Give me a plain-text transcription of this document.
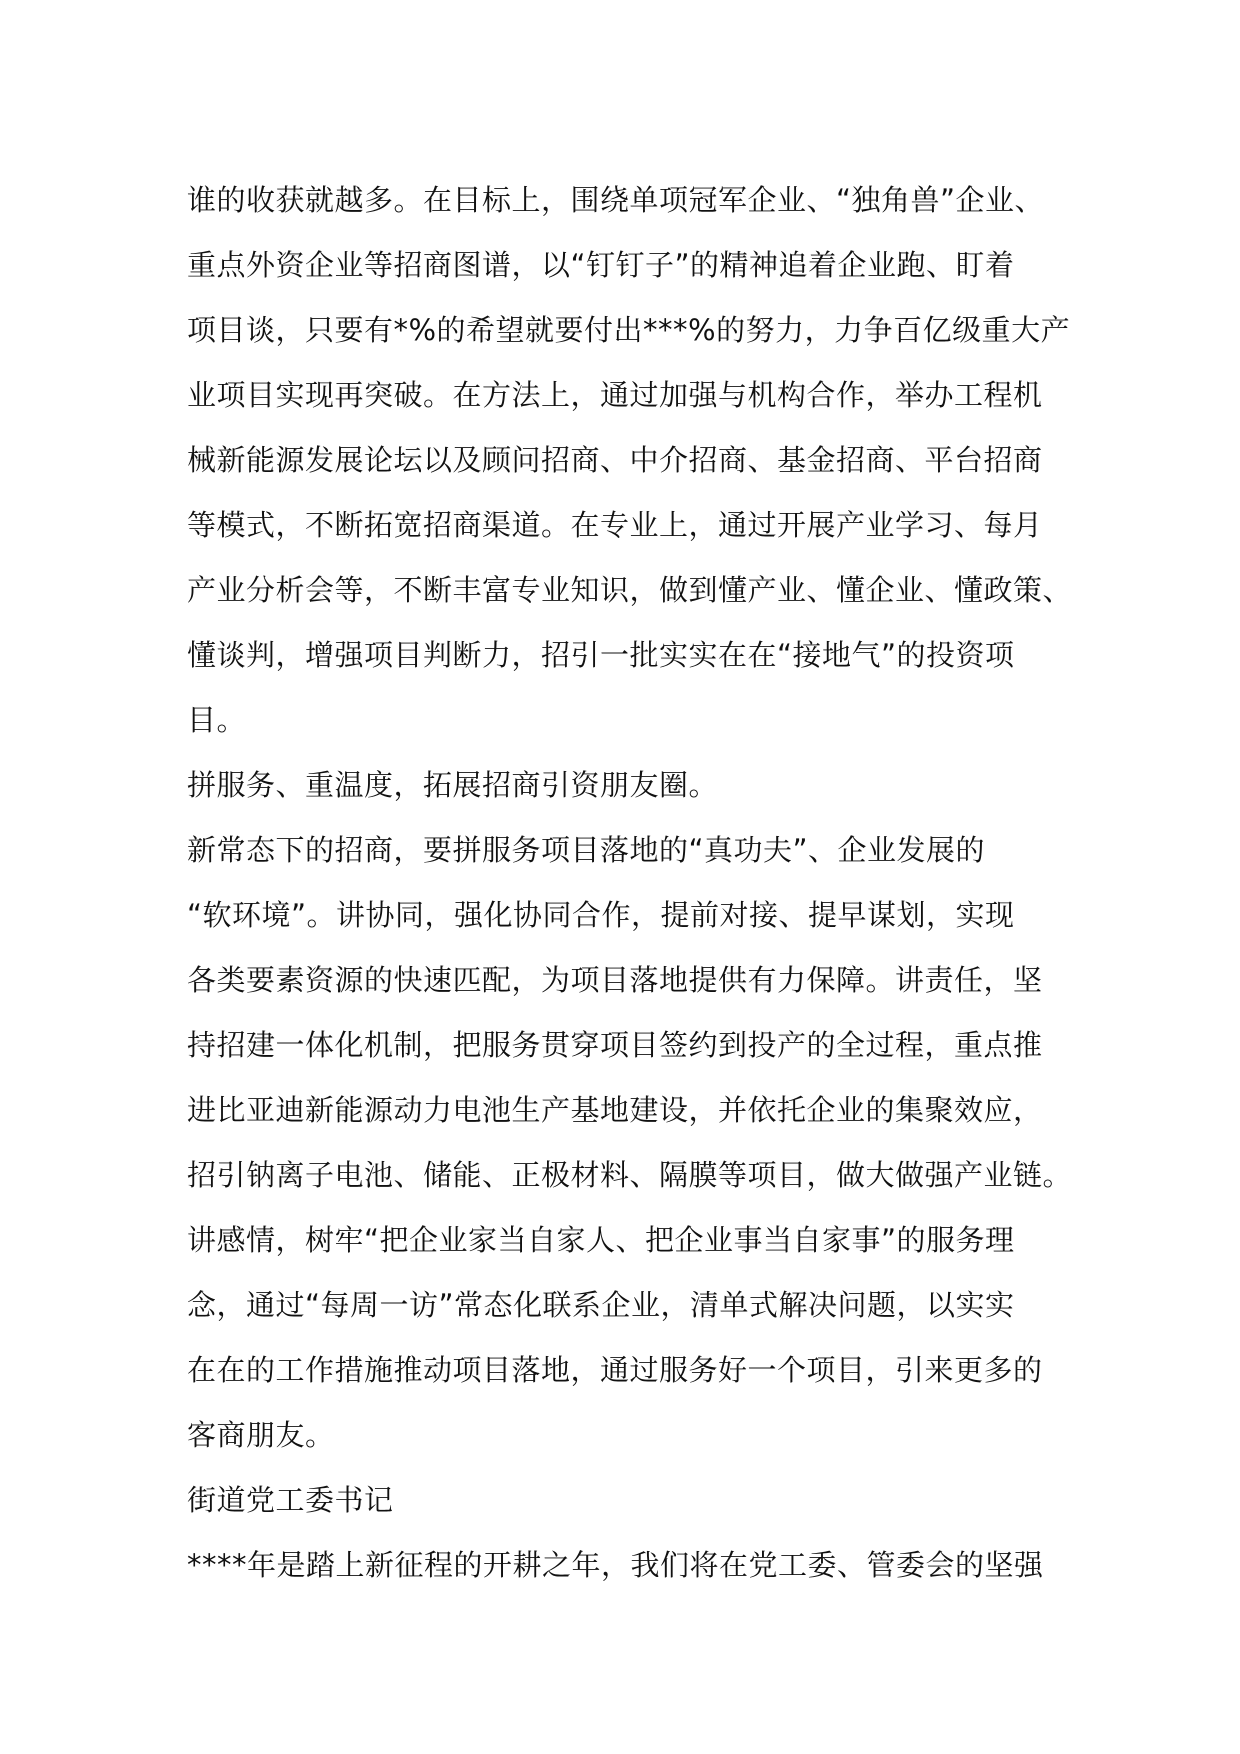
谁的收获就越多。在目标上，围绕单项冠军企业、“独角兽”企业、
重点外资企业等招商图谱，以“钉钉子”的精神追着企业跑、盯着
项目谈，只要有*%的希望就要付出***%的努力，力争百亿级重大产
业项目实现再突破。在方法上，通过加强与机构合作，举办工程机
械新能源发展论坛以及顾问招商、中介招商、基金招商、平台招商
等模式，不断拓宽招商渠道。在专业上，通过开展产业学习、每月
产业分析会等，不断丰富专业知识，做到懂产业、懂企业、懂政策、
懂谈判，增强项目判断力，招引一批实实在在“接地气”的投资项
目。
拼服务、重温度，拓展招商引资朋友圈。
新常态下的招商，要拼服务项目落地的“真功夫”、企业发展的
“软环境”。讲协同，强化协同合作，提前对接、提早谋划，实现
各类要素资源的快速匹配，为项目落地提供有力保障。讲责任，坚
持招建一体化机制，把服务贯穿项目签约到投产的全过程，重点推
进比亚迪新能源动力电池生产基地建设，并依托企业的集聚效应，
招引钠离子电池、储能、正极材料、隔膜等项目，做大做强产业链。
讲感情，树牢“把企业家当自家人、把企业事当自家事”的服务理
念，通过“每周一访”常态化联系企业，清单式解决问题，以实实
在在的工作措施推动项目落地，通过服务好一个项目，引来更多的
客商朋友。
街道党工委书记
****年是踏上新征程的开耕之年，我们将在党工委、管委会的坚强
